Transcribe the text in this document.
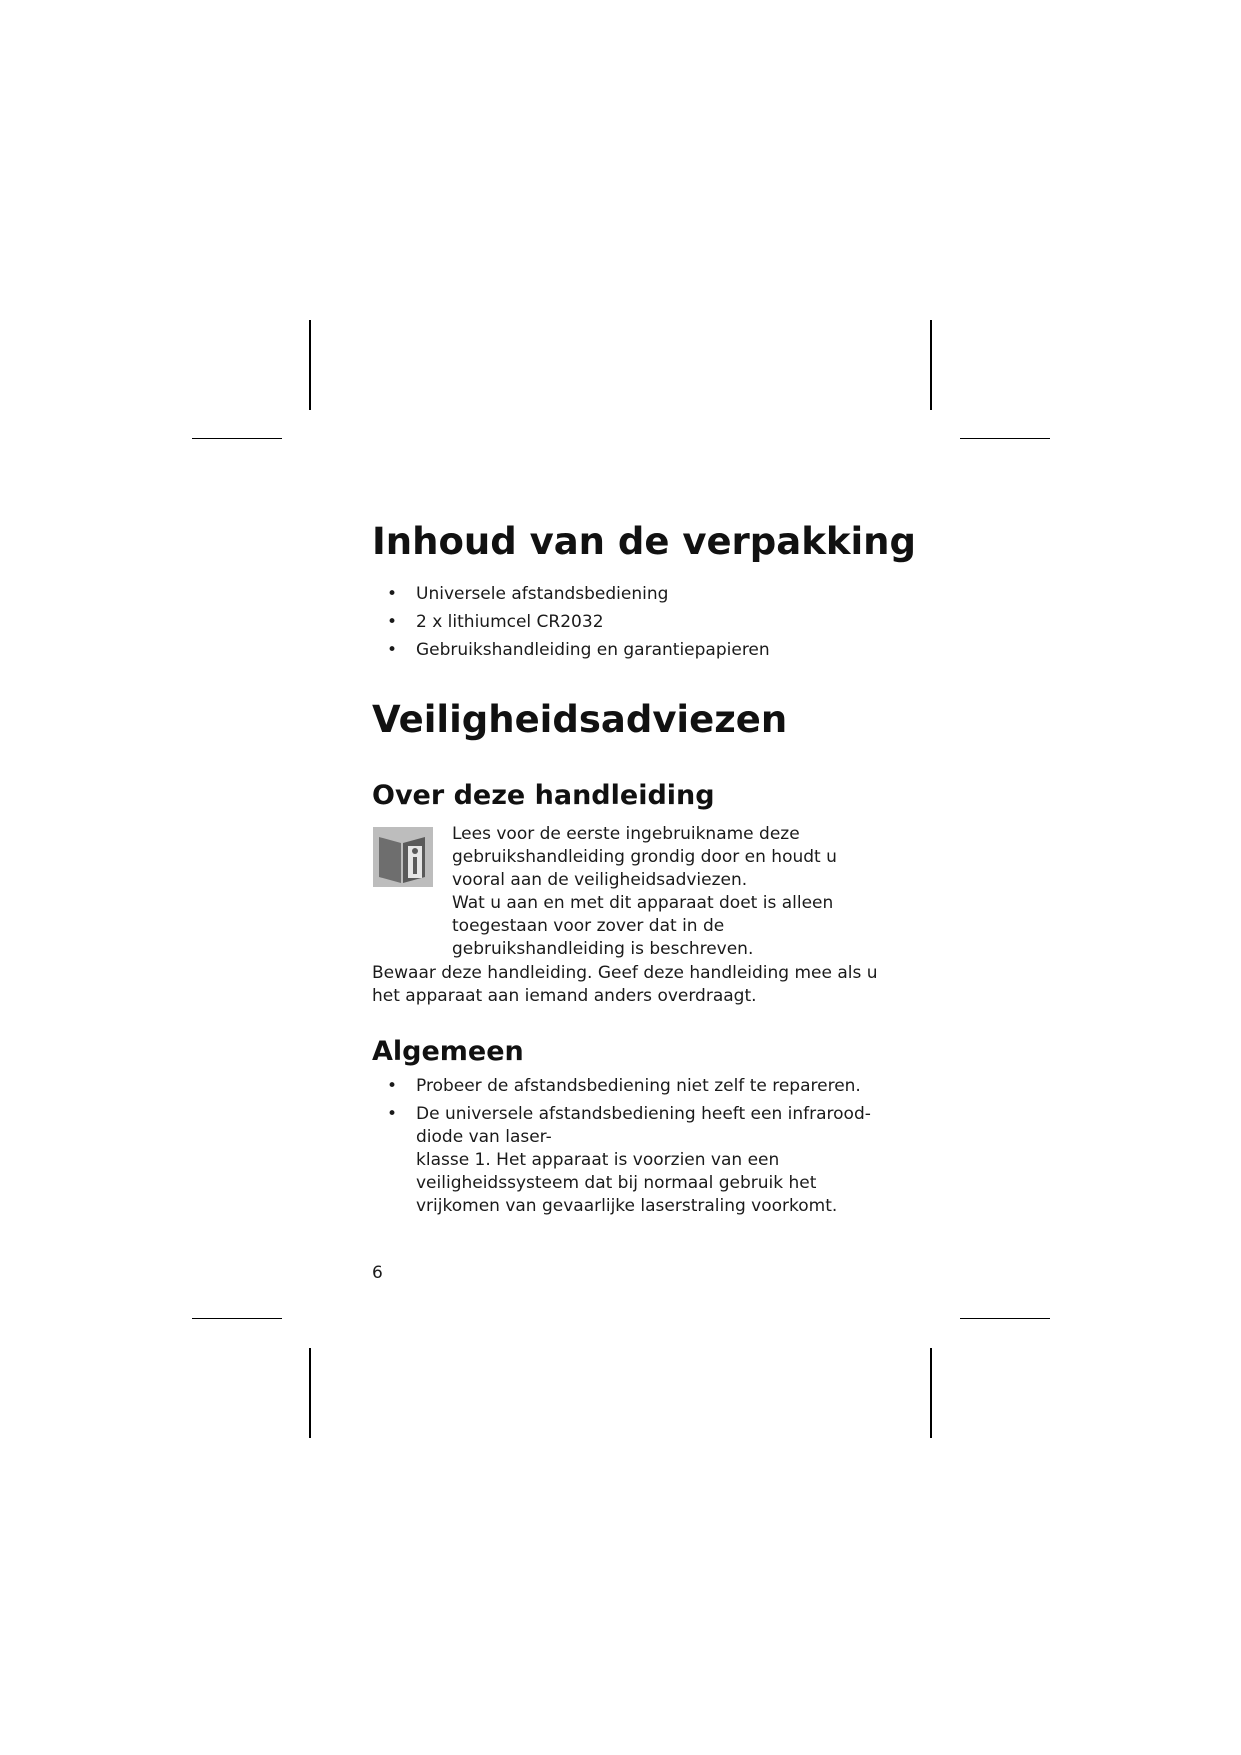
Inhoud van de verpakking
• Universele afstandsbediening
• 2 x lithiumcel CR2032
• Gebruikshandleiding en garantiepapieren
Veiligheidsadviezen
Over deze handleiding
Lees voor de eerste ingebruikname deze
gebruikshandleiding grondig door en houdt u
vooral aan de veiligheidsadviezen.
Wat u aan en met dit apparaat doet is alleen
toegestaan voor zover dat in de
gebruikshandleiding is beschreven.
Bewaar deze handleiding. Geef deze handleiding mee als u
het apparaat aan iemand anders overdraagt.
Algemeen
• Probeer de afstandsbediening niet zelf te repareren.
• De universele afstandsbediening heeft een infrarood-
diode van laser-
klasse 1. Het apparaat is voorzien van een
veiligheidssysteem dat bij normaal gebruik het
vrijkomen van gevaarlijke laserstraling voorkomt.
6
